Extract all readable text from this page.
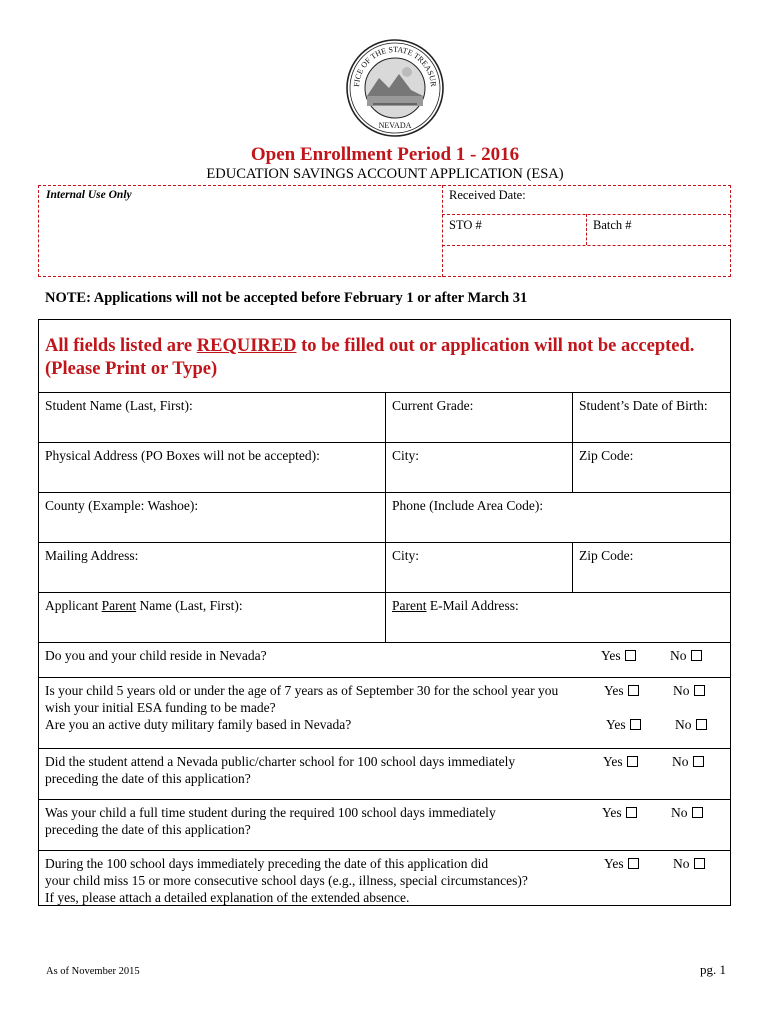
FICE OF THE STATE TREASUR
NEVADA
Open Enrollment Period 1 - 2016
EDUCATION SAVINGS ACCOUNT APPLICATION (ESA)
Internal Use Only	Received Date:
STO #	Batch #
NOTE: Applications will not be accepted before February 1 or after March 31
All fields listed are REQUIRED to be filled out or application will not be accepted.
(Please Print or Type)
Student Name (Last, First):	Current Grade:	Student’s Date of Birth:
Physical Address (PO Boxes will not be accepted):	City:	Zip Code:
County (Example: Washoe):	Phone (Include Area Code):
Mailing Address:	City:	Zip Code:
Applicant Parent Name (Last, First):	Parent E-Mail Address:
Do you and your child reside in Nevada?	Yes	No
Is your child 5 years old or under the age of 7 years as of September 30 for the school year you
wish your initial ESA funding to be made?
Yes	No
Are you an active duty military family based in Nevada?	Yes	No
Did the student attend a Nevada public/charter school for 100 school days immediately
preceding the date of this application?
Yes	No
Was your child a full time student during the required 100 school days immediately
preceding the date of this application?
Yes	No
During the 100 school days immediately preceding the date of this application did
your child miss 15 or more consecutive school days (e.g., illness, special circumstances)?
If yes, please attach a detailed explanation of the extended absence.
Yes	No
As of November 2015	pg. 1
